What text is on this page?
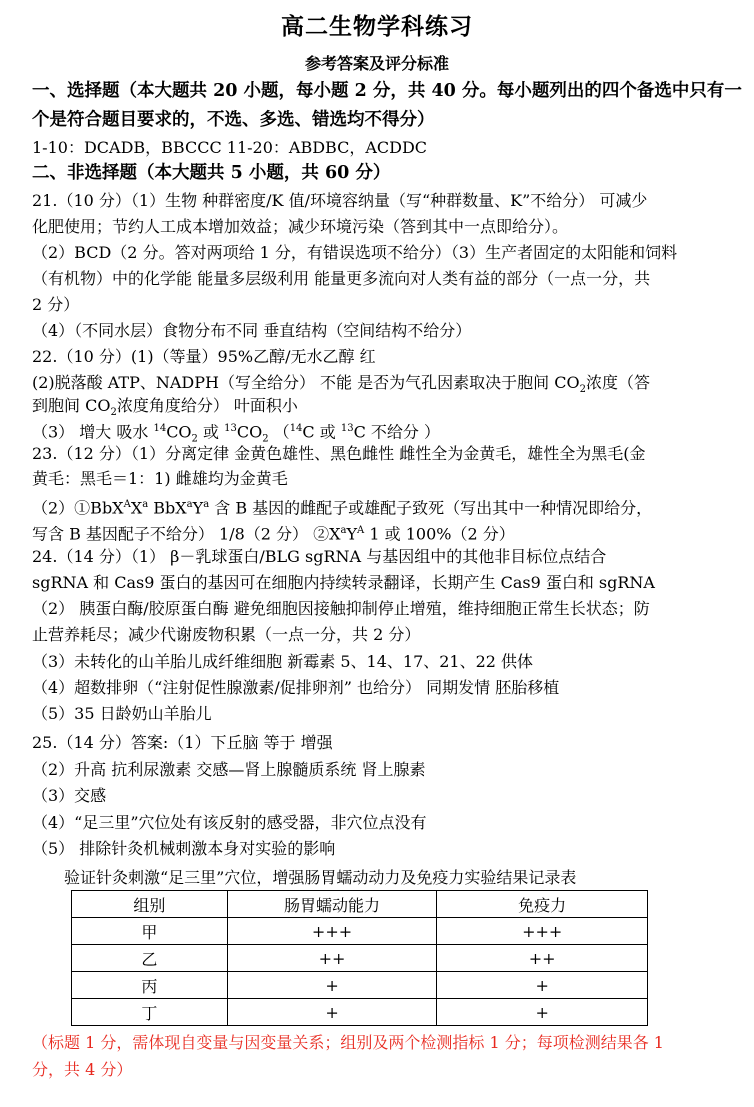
高二生物学科练习
参考答案及评分标准
一、选择题（本大题共 20 小题，每小题 2 分，共 40 分。每小题列出的四个备选中只有一
个是符合题目要求的，不选、多选、错选均不得分）
1-10：DCADB，BBCCC 11-20：ABDBC，ACDDC
二、非选择题（本大题共 5 小题，共 60 分）
21.（10 分）（1）生物 种群密度/K 值/环境容纳量（写“种群数量、K”不给分） 可减少
化肥使用；节约人工成本增加效益；减少环境污染（答到其中一点即给分）。
（2）BCD（2 分。答对两项给 1 分，有错误选项不给分）（3）生产者固定的太阳能和饲料
（有机物）中的化学能 能量多层级利用 能量更多流向对人类有益的部分（一点一分，共
2 分）
（4）（不同水层）食物分布不同 垂直结构（空间结构不给分）
22.（10 分）(1)（等量）95%乙醇/无水乙醇 红
(2)脱落酸 ATP、NADPH（写全给分） 不能 是否为气孔因素取决于胞间 $CO_2$浓度（答
到胞间 $CO_2$浓度角度给分） 叶面积小
（3） 增大 吸水 $^{14}CO_2$ 或 $^{13}CO_2$ （$^{14}$C 或 $^{13}$C 不给分 ）
23.（12 分）（1）分离定律 金黄色雄性、黑色雌性 雌性全为金黄毛，雄性全为黑毛(金
黄毛：黑毛＝1：1) 雌雄均为金黄毛
$(2)①BbX^AX^a$ $BbX^aY^a$ 含 B 基因的雌配子或雄配子致死（写出其中一种情况即给分，
写含 B 基因配子不给分） 1/8（2 分） $②X^aY^A$ 1 或 100%（2 分）
24.（14 分）（1） β－乳球蛋白/BLG sgRNA 与基因组中的其他非目标位点结合
sgRNA 和 Cas9 蛋白的基因可在细胞内持续转录翻译，长期产生 Cas9 蛋白和 sgRNA
（2） 胰蛋白酶/胶原蛋白酶 避免细胞因接触抑制停止增殖，维持细胞正常生长状态；防
止营养耗尽；减少代谢废物积累（一点一分，共 2 分）
（3）未转化的山羊胎儿成纤维细胞 新霉素 5、14、17、21、22 供体
（4）超数排卵（“注射促性腺激素/促排卵剂” 也给分） 同期发情 胚胎移植
（5）35 日龄奶山羊胎儿
25.（14 分）答案:（1）下丘脑 等于 增强
（2）升高 抗利尿激素 交感—肾上腺髓质系统 肾上腺素
（3）交感
（4）“足三里”穴位处有该反射的感受器，非穴位点没有
（5） 排除针灸机械刺激本身对实验的影响
验证针灸刺激“足三里”穴位，增强肠胃蠕动动力及免疫力实验结果记录表
组别	肠胃蠕动能力	免疫力
甲	+++	+++
乙	++	++
丙	+	+
丁	+	+
（标题 1 分，需体现自变量与因变量关系；组别及两个检测指标 1 分；每项检测结果各 1
分，共 4 分）
